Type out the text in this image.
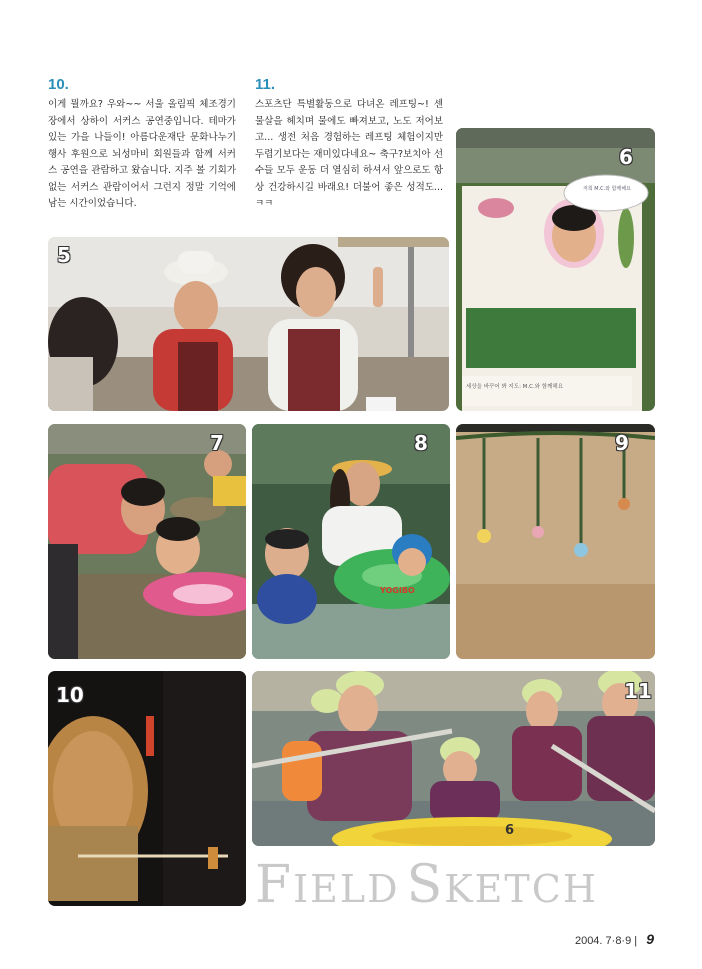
10.
이게 뭘까요? 우와~~ 서울 올림픽 체조경기장에서 상하이 서커스 공연중입니다. 테마가 있는 가을 나들이! 아름다운재단 문화나누기 행사 후원으로 뇌성마비 회원들과 함께 서커스 공연을 관람하고 왔습니다. 지주 볼 기회가 없는 서커스 관람이어서 그런지 정말 기억에 남는 시간이었습니다.
11.
스포츠단 특별활동으로 다녀온 레프팅~! 센 물살을 헤치며 물에도 빠져보고, 노도 저어보고... 생전 처음 경험하는 레프팅 체험이지만 두렵기보다는 재미있다네요~ 축구?보치아 선수들 모두 운동 더 열심히 하셔서 앞으로도 항상 건강하시길 바래요! 더불어 좋은 성적도...ㅋㅋ
5
저희 M.C.와 함께해요
세상을 바꾸어 봐 지도: M.C.와 함께해요
6
7
YOGIBO
8	9
10
6
11
FIELD SKETCH
2004. 7·8·9 | 9
